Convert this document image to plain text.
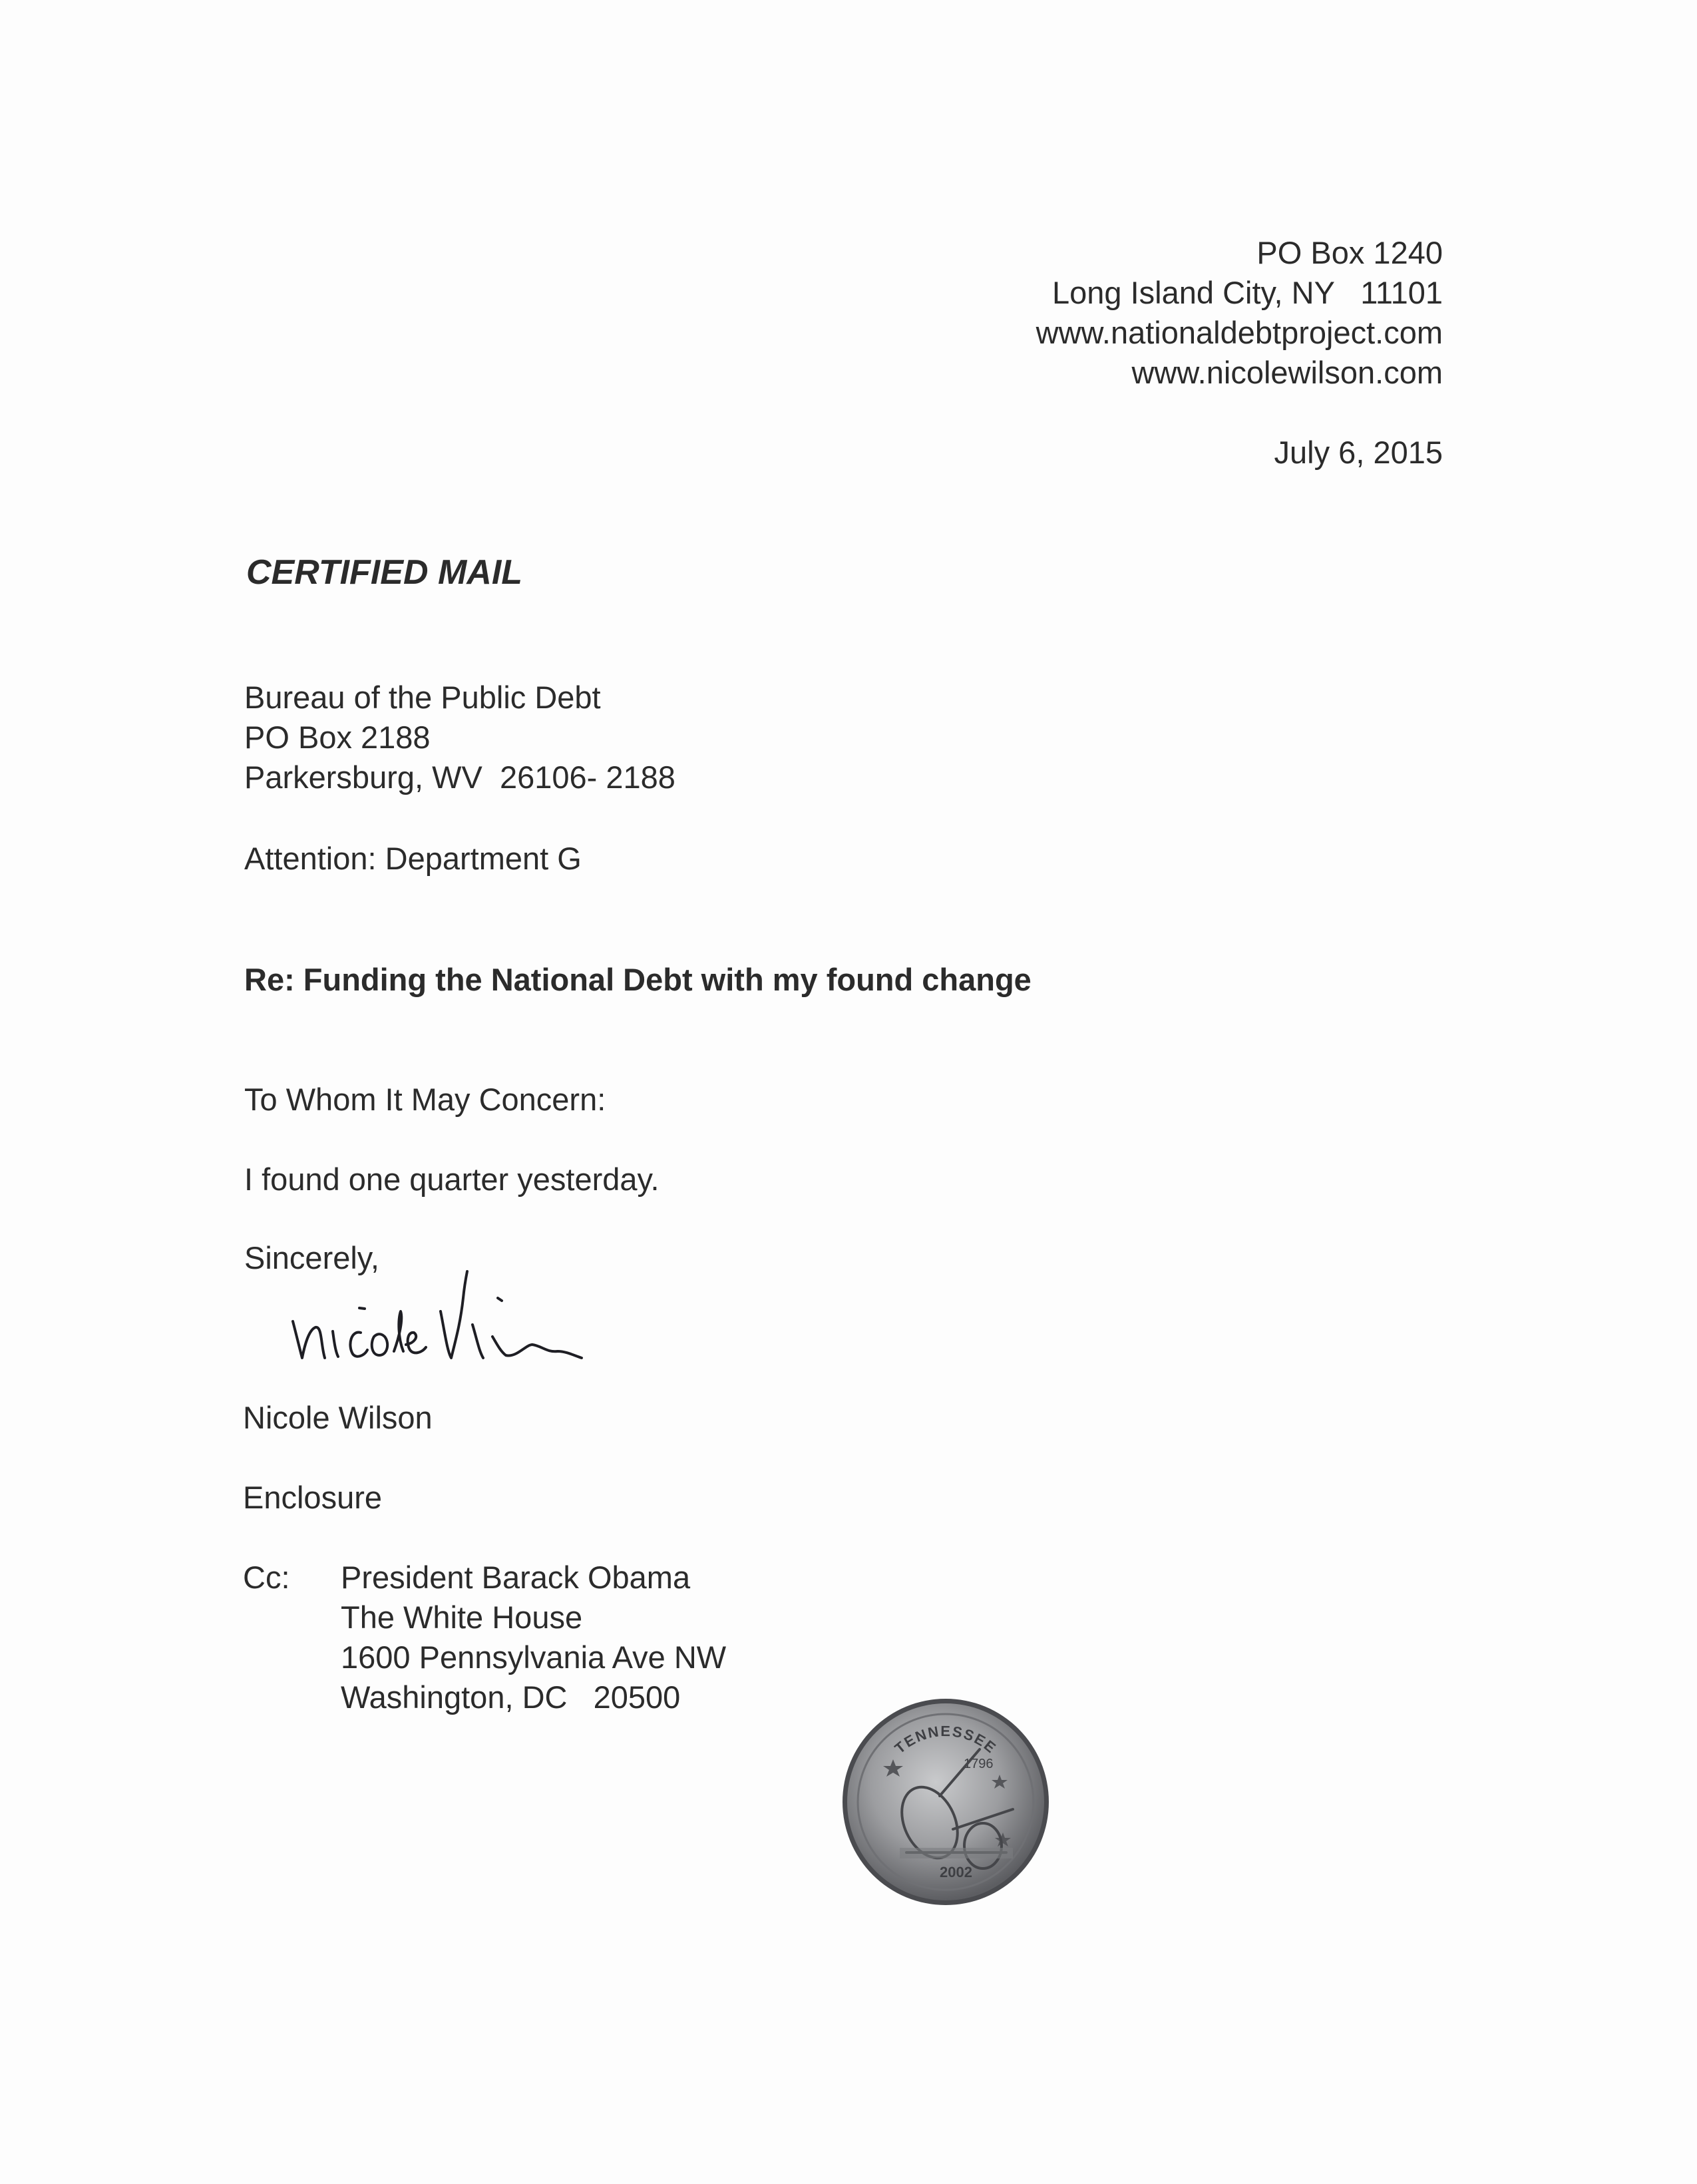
PO Box 1240
Long Island City, NY   11101
www.nationaldebtproject.com
www.nicolewilson.com
July 6, 2015
CERTIFIED MAIL
Bureau of the Public Debt
PO Box 2188
Parkersburg, WV  26106- 2188
Attention: Department G
Re: Funding the National Debt with my found change
To Whom It May Concern:
I found one quarter yesterday.
Sincerely,
Nicole Wilson
Enclosure
Cc: President Barack Obama
The White House
1600 Pennsylvania Ave NW
Washington, DC   20500
TENNESSEE
1796
2002
